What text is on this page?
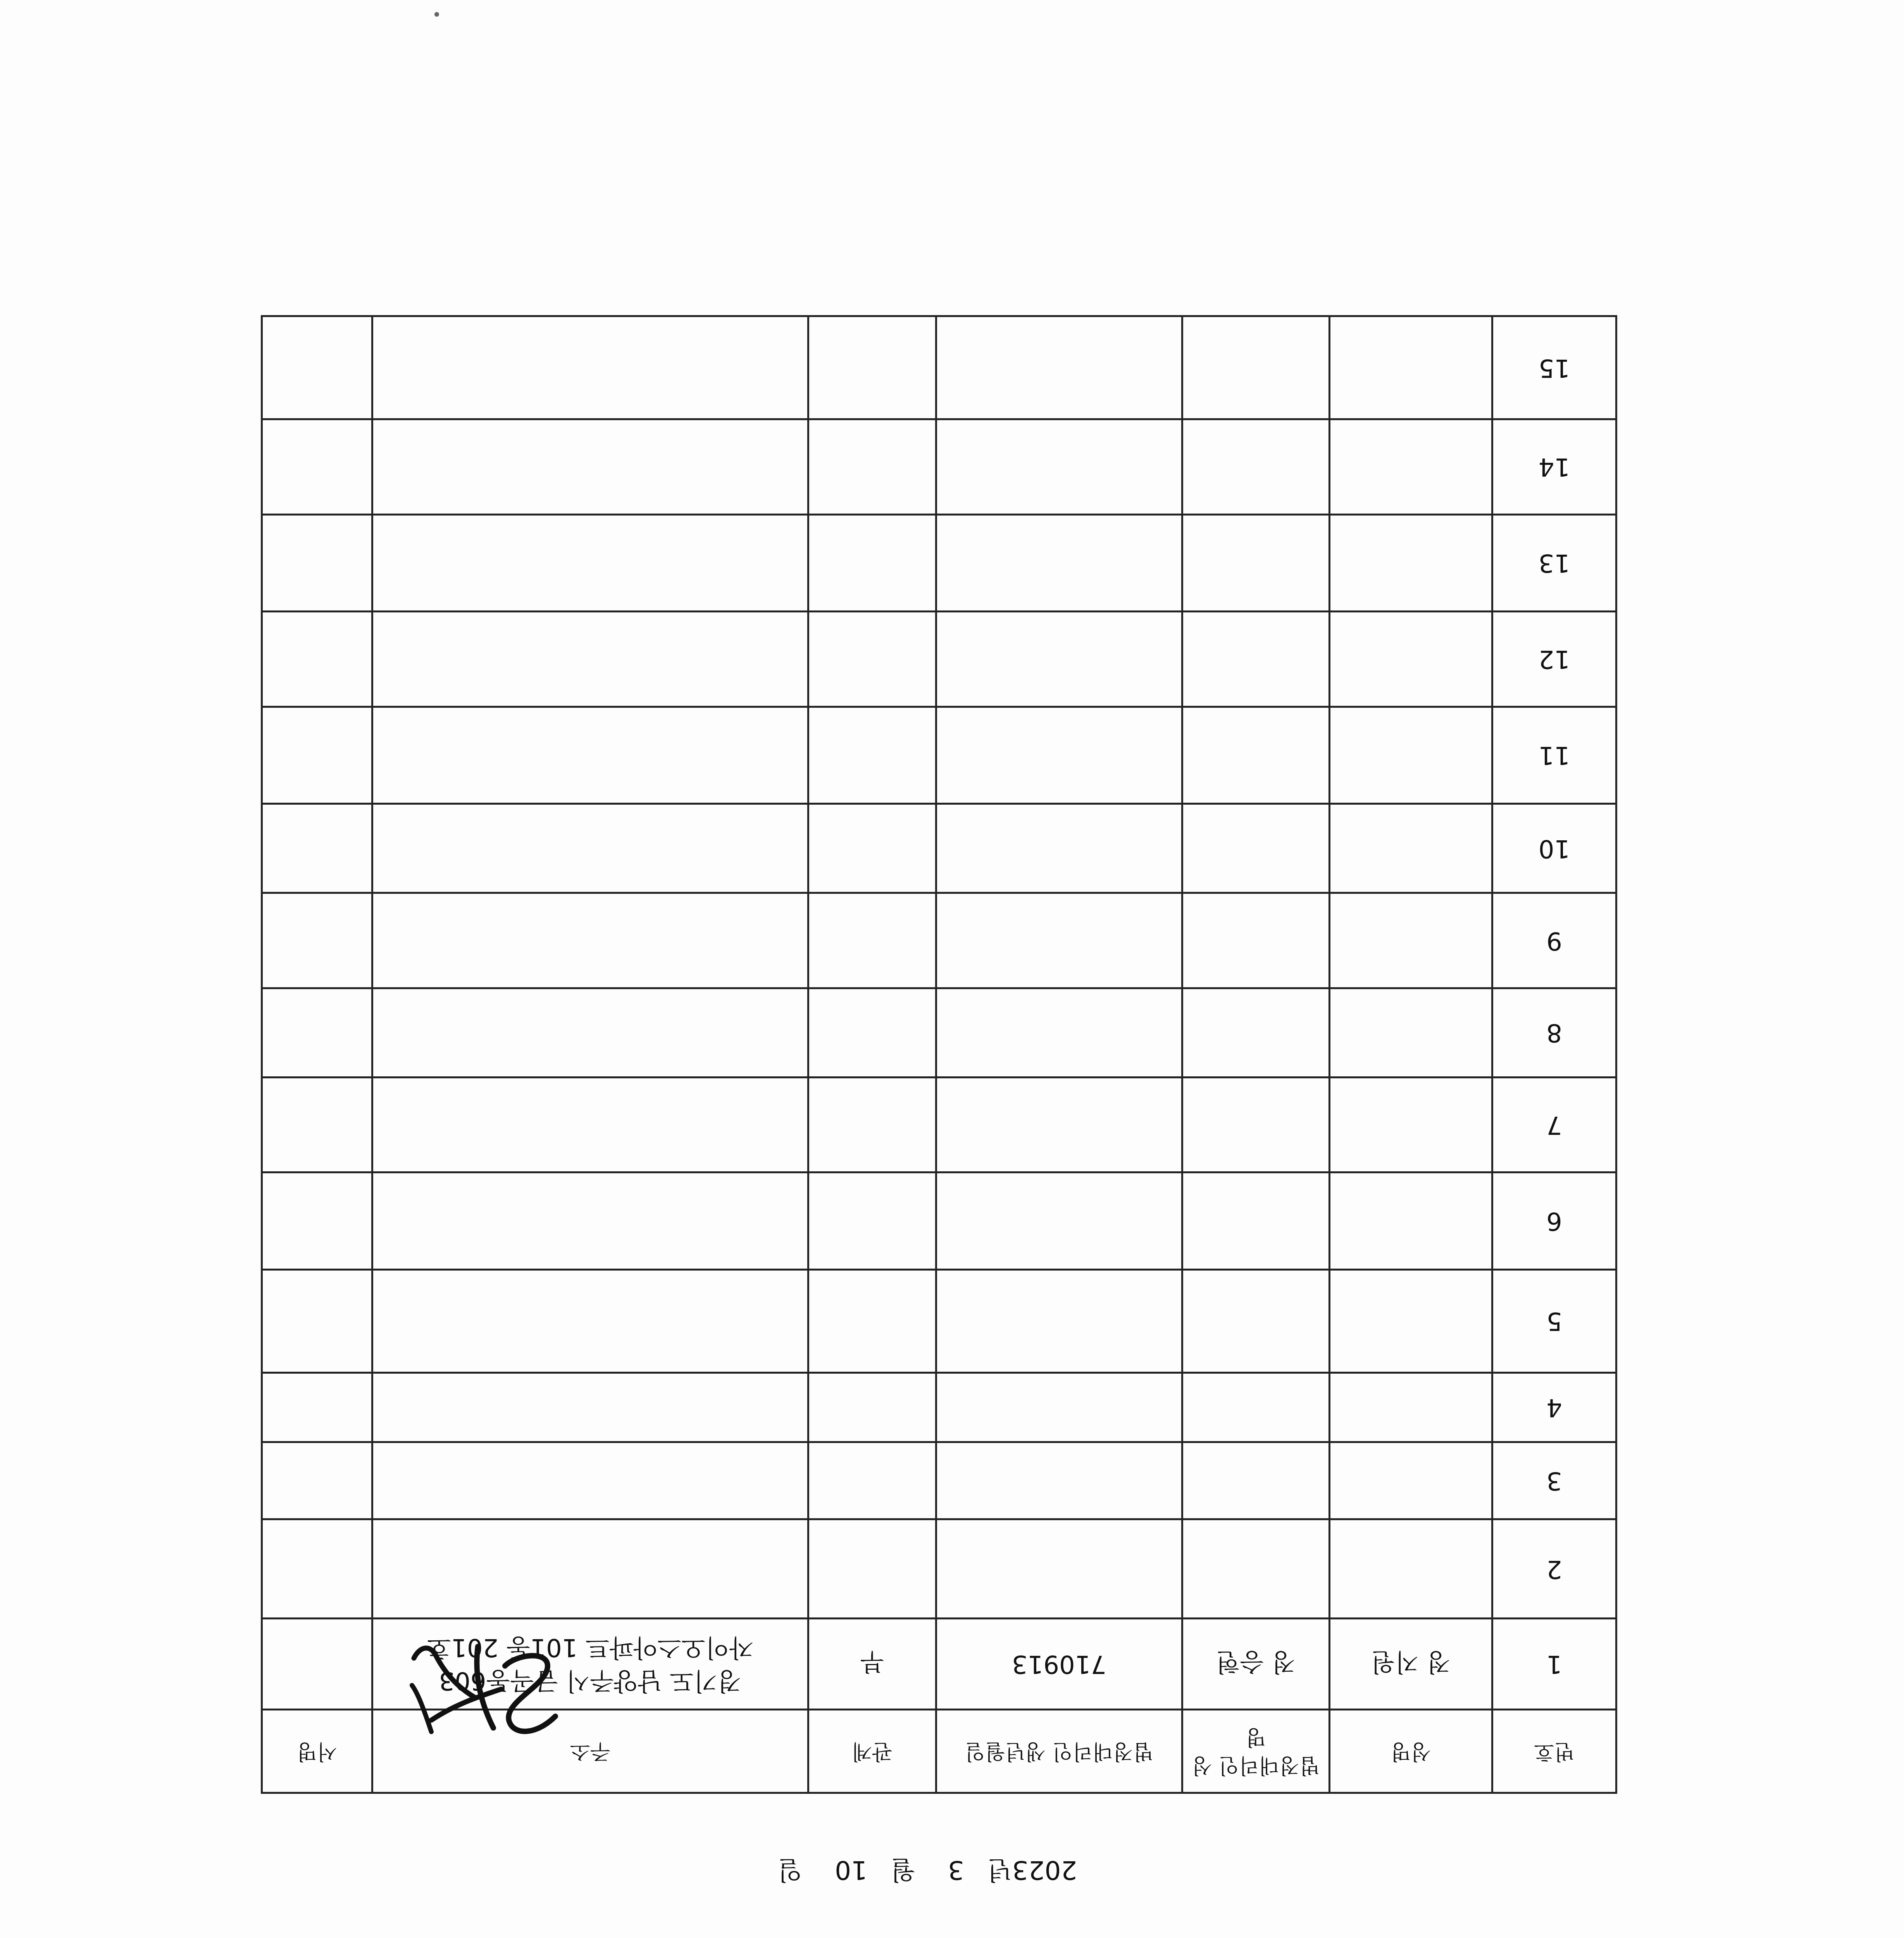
2023년
3    월
10    일
번호	성명	법정대리인 성명	법정대리인 생년월일	관계	주소	서명
1	정 지원	정 승현	710913	부	경기도 남양주시 금곡동603
자이오스아파트 101동 201호	

2						
3						
4						
5						
6						
7						
8						
9						
10						
11						
12						
13						
14						
15						
